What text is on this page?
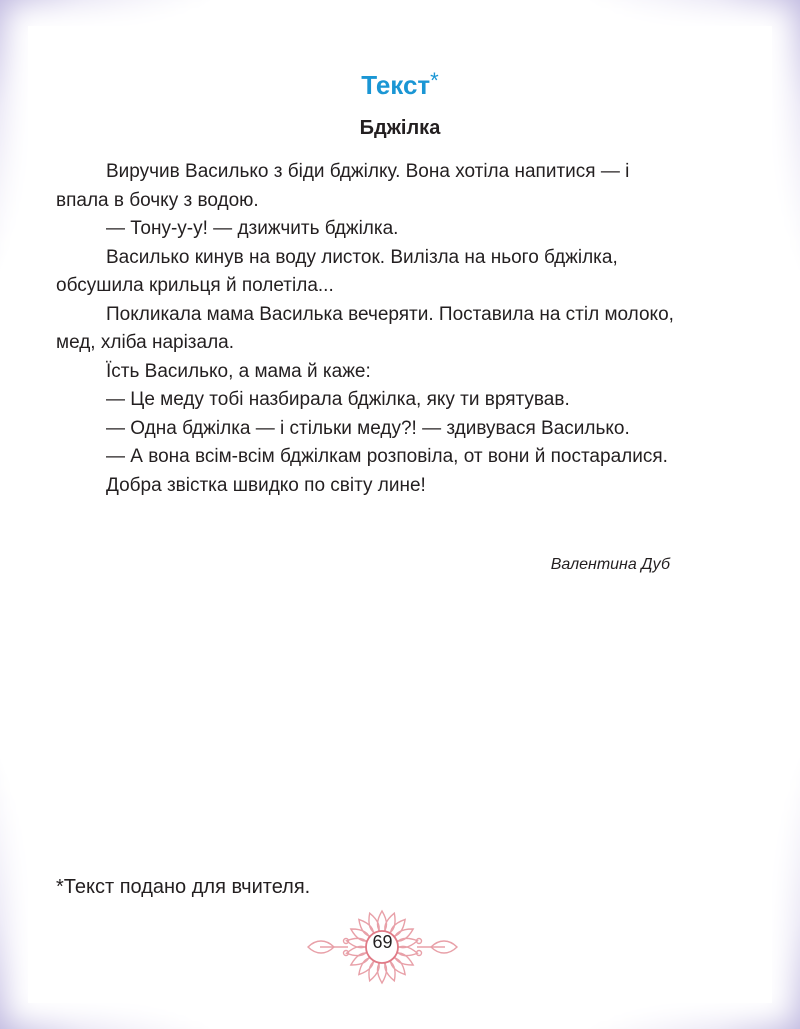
Текст*
Бджілка

Виручив Василько з біди бджілку. Вона хотіла напитися — і впала в бочку з водою.

— Тону-у-у! — дзижчить бджілка.

Василько кинув на воду листок. Вилізла на нього бджілка, обсушила крильця й полетіла...

Покликала мама Василька вечеряти. Поставила на стіл молоко, мед, хліба нарізала.

Їсть Василько, а мама й каже:

— Це меду тобі назбирала бджілка, яку ти врятував.

— Одна бджілка — і стільки меду?! — здивувася Василько.

— А вона всім-всім бджілкам розповіла, от вони й постаралися.

Добра звістка швидко по світу лине!

Валентина Дуб
*Текст подано для вчителя.
69
